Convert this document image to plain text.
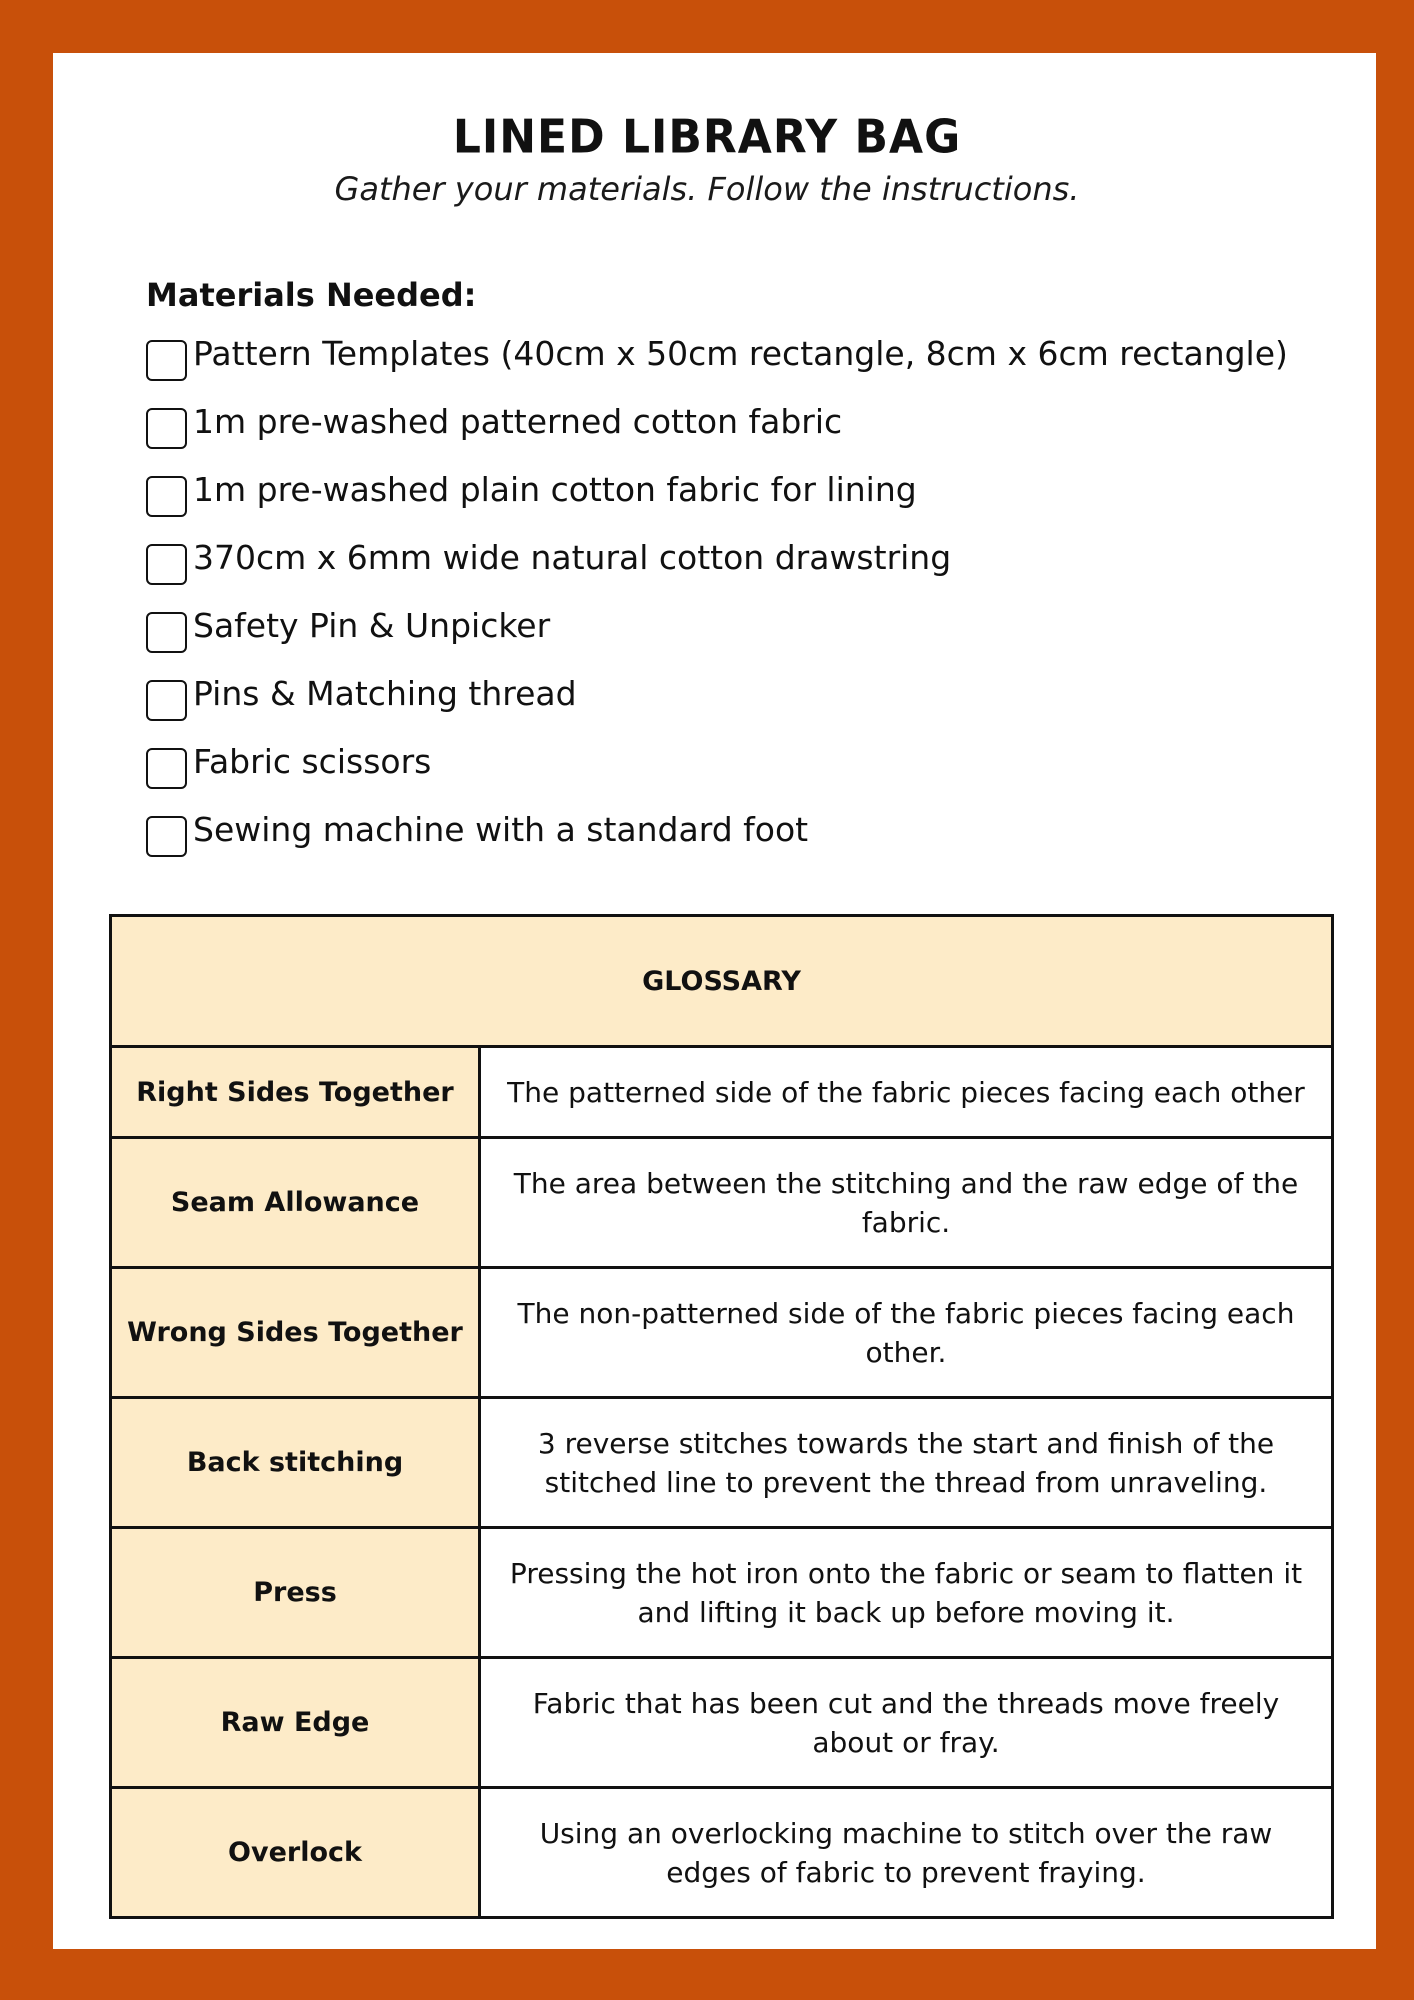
LINED LIBRARY BAG
Gather your materials. Follow the instructions.
Materials Needed:
Pattern Templates (40cm x 50cm rectangle, 8cm x 6cm rectangle)
1m pre-washed patterned cotton fabric
1m pre-washed plain cotton fabric for lining
370cm x 6mm wide natural cotton drawstring
Safety Pin & Unpicker
Pins & Matching thread
Fabric scissors
Sewing machine with a standard foot
GLOSSARY	
Right Sides Together	The patterned side of the fabric pieces facing each other
Seam Allowance	The area between the stitching and the raw edge of the fabric.
Wrong Sides Together	The non-patterned side of the fabric pieces facing each other.
Back stitching	3 reverse stitches towards the start and finish of the stitched line to prevent the thread from unraveling.
Press	Pressing the hot iron onto the fabric or seam to flatten it and lifting it back up before moving it.
Raw Edge	Fabric that has been cut and the threads move freely about or fray.
Overlock	Using an overlocking machine to stitch over the raw edges of fabric to prevent fraying.
